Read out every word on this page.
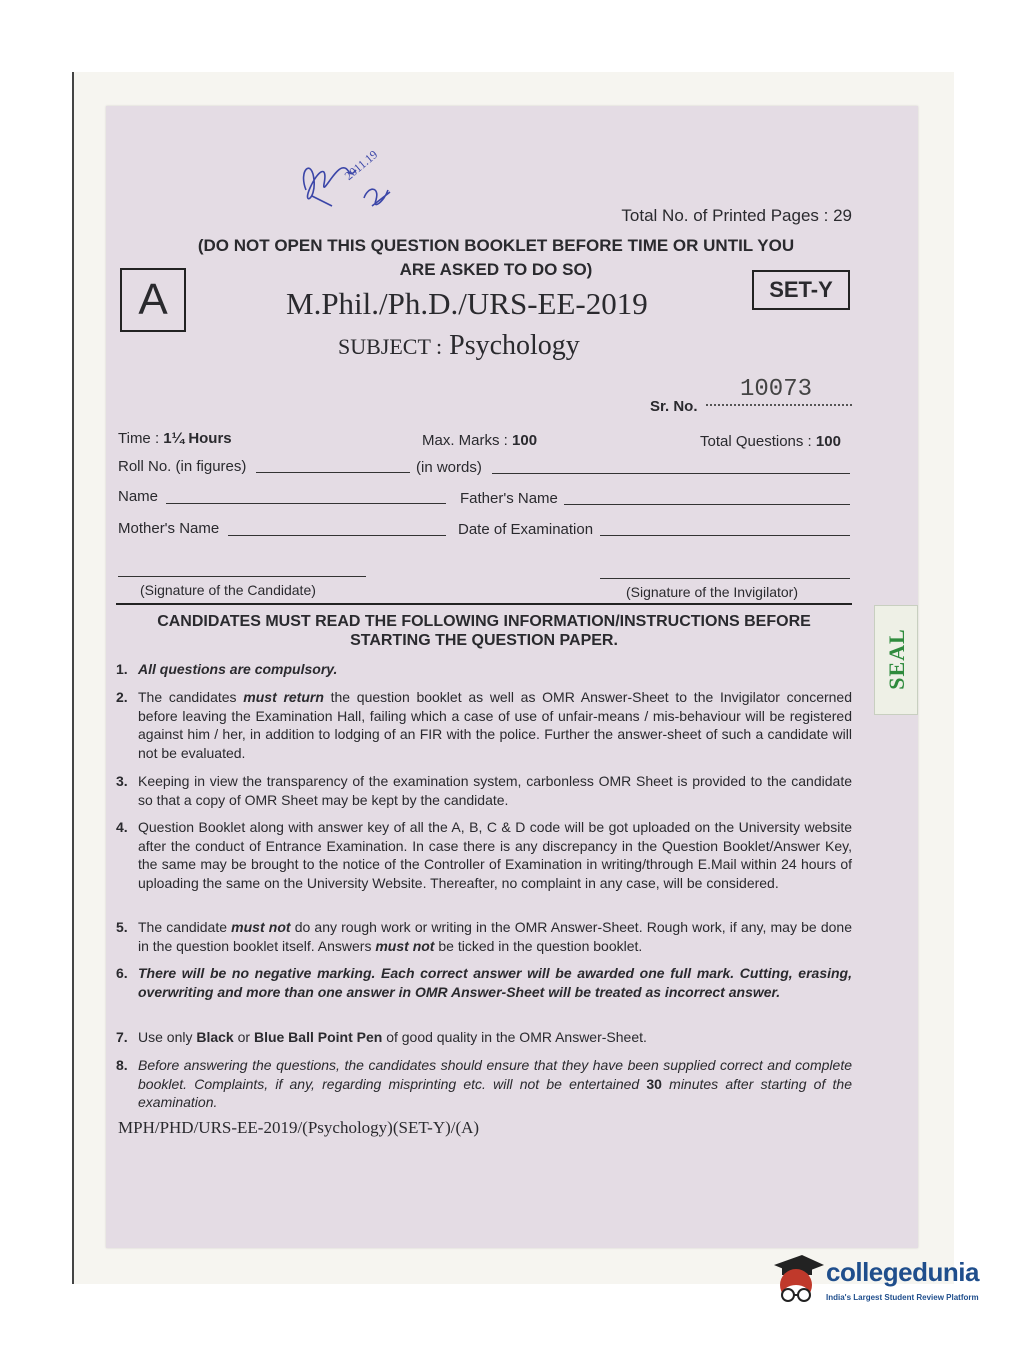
2011.19
Total No. of Printed Pages : 29
(DO NOT OPEN THIS QUESTION BOOKLET BEFORE TIME OR UNTIL YOU
ARE ASKED TO DO SO)
A	SET-Y
M.Phil./Ph.D./URS-EE-2019
SUBJECT : Psychology
10073
Sr. No.
Time : 1¼ Hours	Max. Marks : 100	Total Questions : 100
Roll No. (in figures)	(in words)
Name	Father's Name
Mother's Name	Date of Examination
(Signature of the Candidate)	(Signature of the Invigilator)
CANDIDATES MUST READ THE FOLLOWING INFORMATION/INSTRUCTIONS BEFORE
STARTING THE QUESTION PAPER.
1. All questions are compulsory.
2. The candidates must return the question booklet as well as OMR Answer-Sheet to the Invigilator concerned before leaving the Examination Hall, failing which a case of use of unfair-means / mis-behaviour will be registered against him / her, in addition to lodging of an FIR with the police. Further the answer-sheet of such a candidate will not be evaluated.
3. Keeping in view the transparency of the examination system, carbonless OMR Sheet is provided to the candidate so that a copy of OMR Sheet may be kept by the candidate.
4. Question Booklet along with answer key of all the A, B, C & D code will be got uploaded on the University website after the conduct of Entrance Examination. In case there is any discrepancy in the Question Booklet/Answer Key, the same may be brought to the notice of the Controller of Examination in writing/through E.Mail within 24 hours of uploading the same on the University Website. Thereafter, no complaint in any case, will be considered.
5. The candidate must not do any rough work or writing in the OMR Answer-Sheet. Rough work, if any, may be done in the question booklet itself. Answers must not be ticked in the question booklet.
6. There will be no negative marking. Each correct answer will be awarded one full mark. Cutting, erasing, overwriting and more than one answer in OMR Answer-Sheet will be treated as incorrect answer.
7. Use only Black or Blue Ball Point Pen of good quality in the OMR Answer-Sheet.
8. Before answering the questions, the candidates should ensure that they have been supplied correct and complete booklet. Complaints, if any, regarding misprinting etc. will not be entertained 30 minutes after starting of the examination.
MPH/PHD/URS-EE-2019/(Psychology)(SET-Y)/(A)
SEAL
collegedunia
India's Largest Student Review Platform
